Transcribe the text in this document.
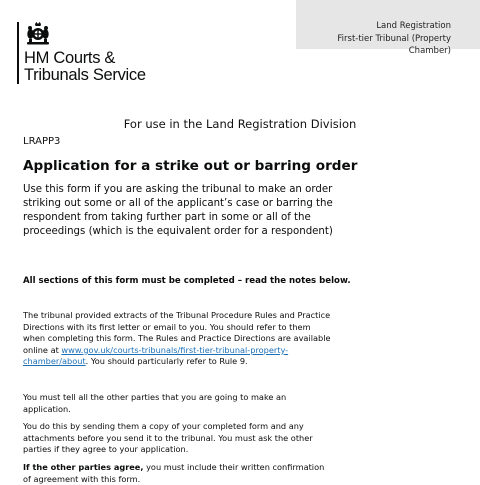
Land Registration
First-tier Tribunal (Property Chamber)
HM Courts &
Tribunals Service
For use in the Land Registration Division
LRAPP3
Application for a strike out or barring order

Use this form if you are asking the tribunal to make an order striking out some or all of the applicant’s case or barring the respondent from taking further part in some or all of the proceedings (which is the equivalent order for a respondent)

All sections of this form must be completed – read the notes below.

The tribunal provided extracts of the Tribunal Procedure Rules and Practice Directions with its first letter or email to you. You should refer to them when completing this form. The Rules and Practice Directions are available online at www.gov.uk/courts-tribunals/first-tier-tribunal-property-chamber/about. You should particularly refer to Rule 9.

You must tell all the other parties that you are going to make an application.

You do this by sending them a copy of your completed form and any attachments before you send it to the tribunal. You must ask the other parties if they agree to your application.

If the other parties agree, you must include their written confirmation of agreement with this form.
